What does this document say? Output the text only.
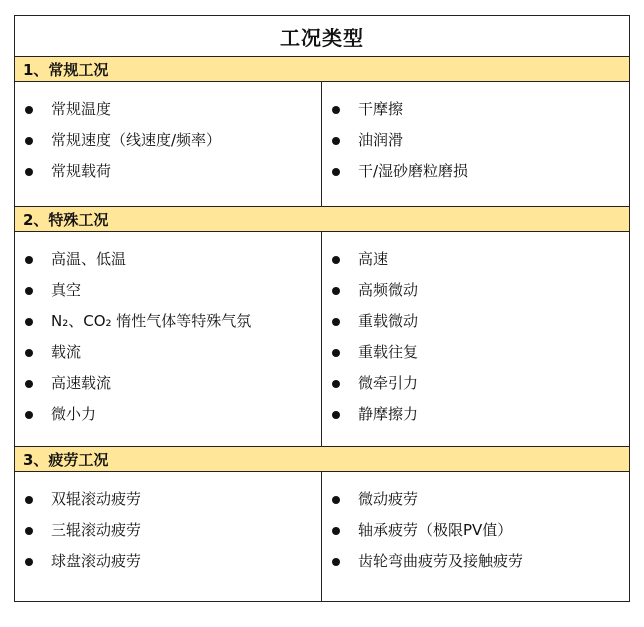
工况类型
1、常规工况
常规温度
常规速度（线速度/频率）
常规载荷
干摩擦
油润滑
干/湿砂磨粒磨损
2、特殊工况
高温、低温
真空
N₂、CO₂ 惰性气体等特殊气氛
载流
高速载流
微小力
高速
高频微动
重载微动
重载往复
微牵引力
静摩擦力
3、疲劳工况
双辊滚动疲劳
三辊滚动疲劳
球盘滚动疲劳
微动疲劳
轴承疲劳（极限PV值）
齿轮弯曲疲劳及接触疲劳
